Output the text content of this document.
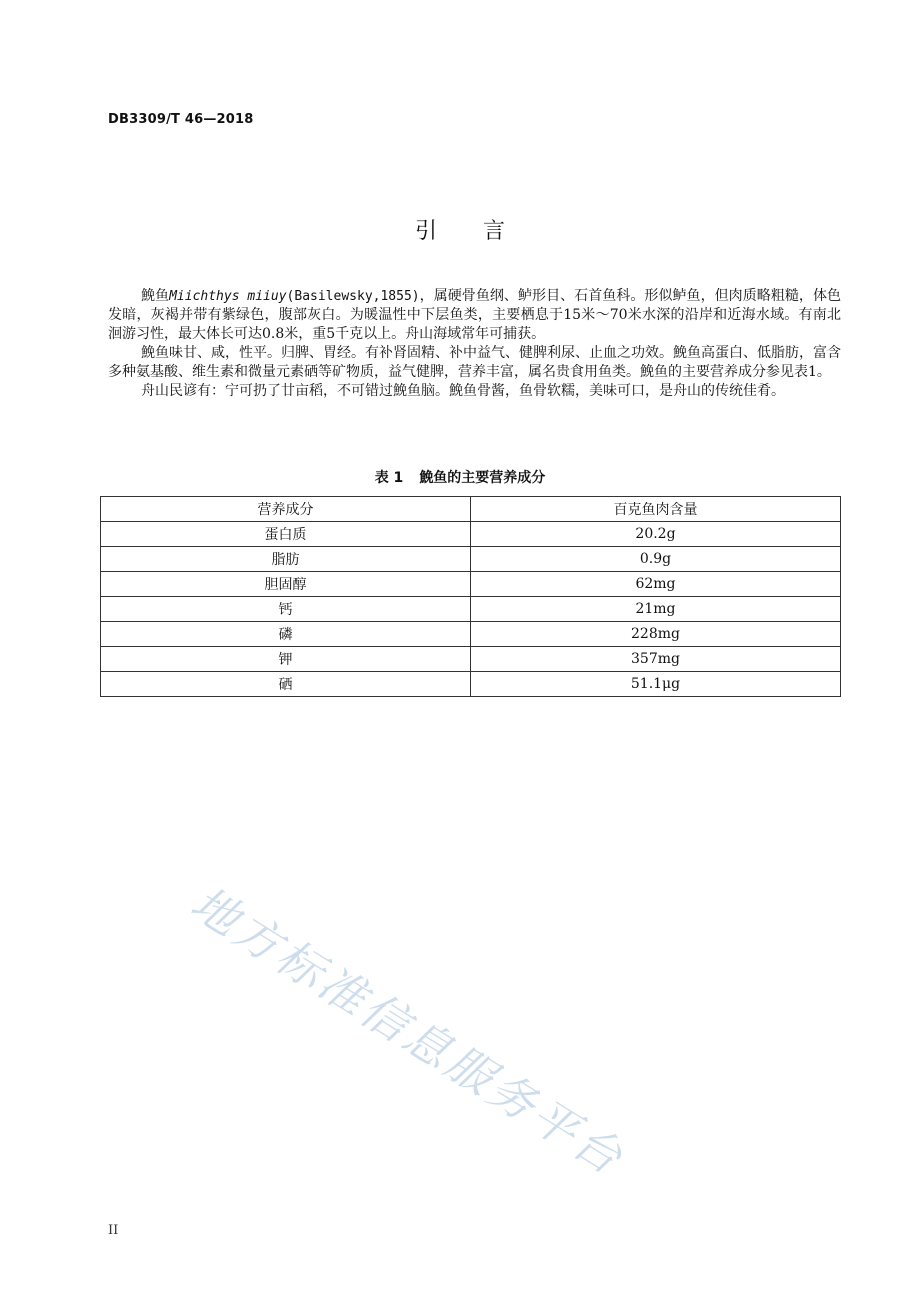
DB3309/T 46—2018
引言

鮸鱼Miichthys miiuy(Basilewsky,1855)，属硬骨鱼纲、鲈形目、石首鱼科。形似鲈鱼，但肉质略粗糙，体色发暗，灰褐并带有紫绿色，腹部灰白。为暖温性中下层鱼类，主要栖息于15米～70米水深的沿岸和近海水域。有南北洄游习性，最大体长可达0.8米，重5千克以上。舟山海域常年可捕获。

鮸鱼味甘、咸，性平。归脾、胃经。有补肾固精、补中益气、健脾利尿、止血之功效。鮸鱼高蛋白、低脂肪，富含多种氨基酸、维生素和微量元素硒等矿物质，益气健脾，营养丰富，属名贵食用鱼类。鮸鱼的主要营养成分参见表1。

舟山民谚有：宁可扔了廿亩稻，不可错过鮸鱼脑。鮸鱼骨酱，鱼骨软糯，美味可口，是舟山的传统佳肴。

表 1 鮸鱼的主要营养成分
营养成分	百克鱼肉含量
蛋白质	20.2g
脂肪	0.9g
胆固醇	62mg
钙	21mg
磷	228mg
钾	357mg
硒	51.1μg
地方标准信息服务平台
II
